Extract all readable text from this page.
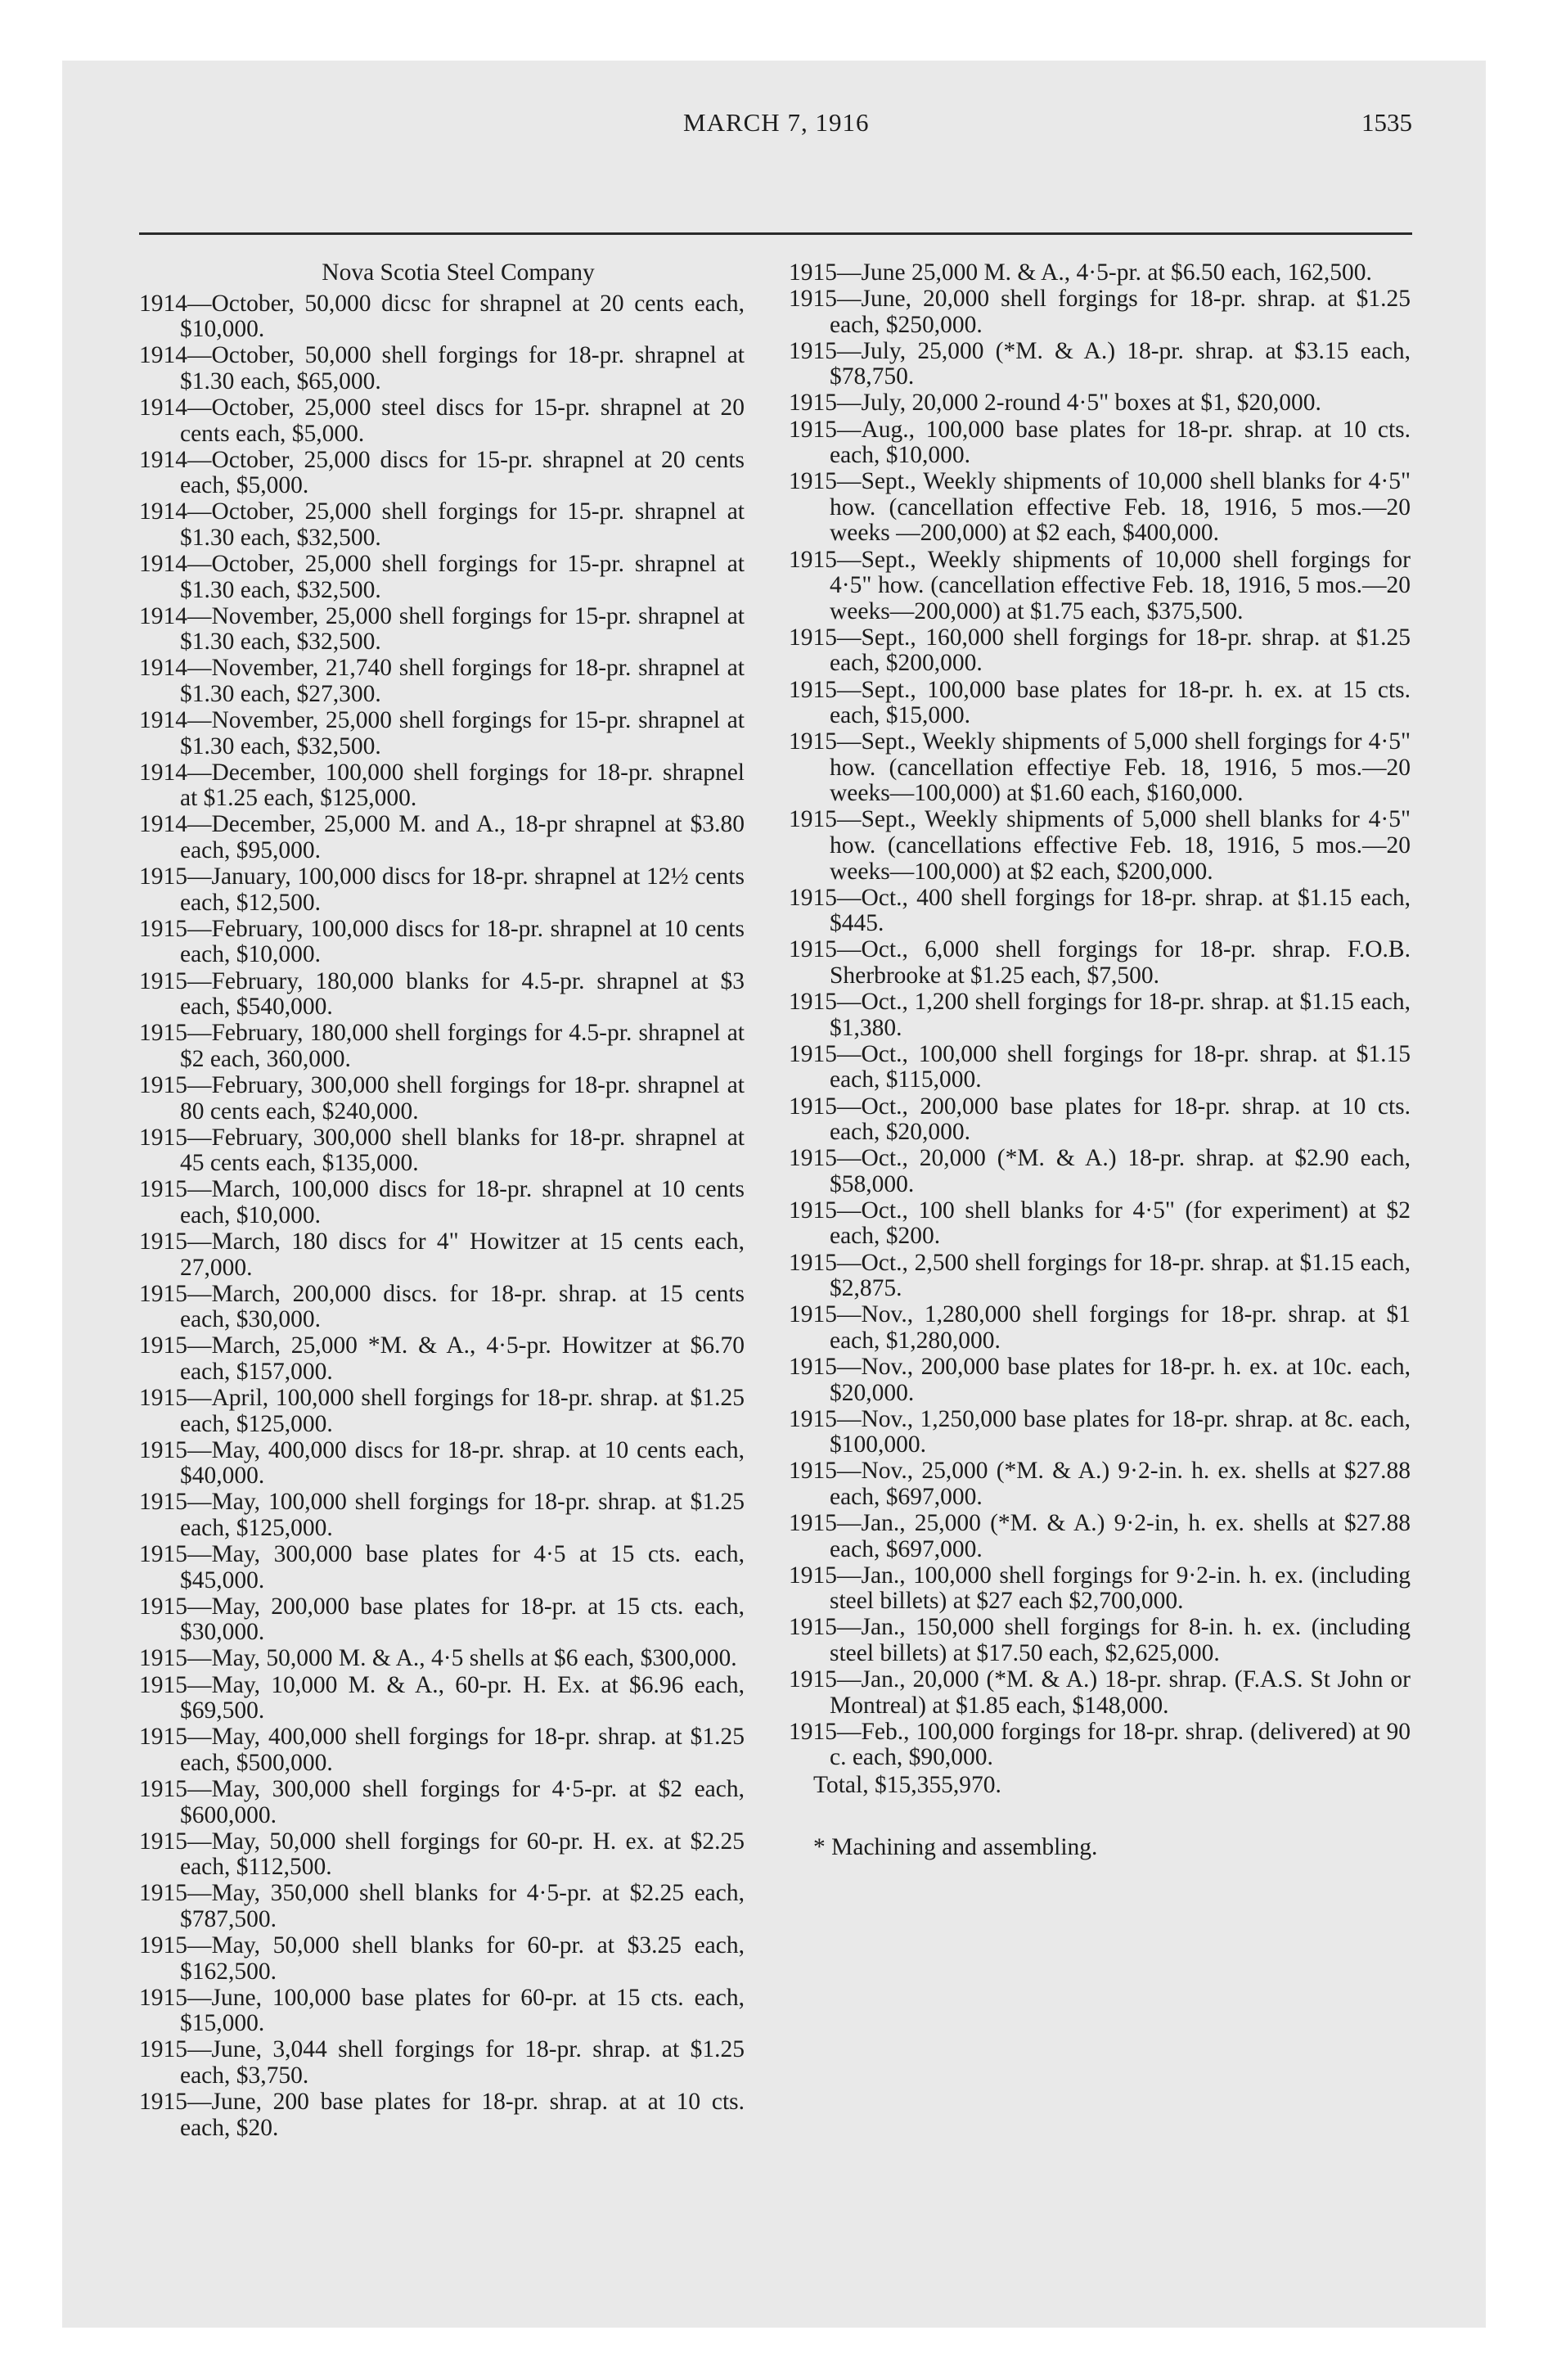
MARCH 7, 1916	1535
Nova Scotia Steel Company
1914—October, 50,000 dicsc for shrapnel at 20 cents each, $10,000.
1914—October, 50,000 shell forgings for 18-pr. shrapnel at $1.30 each, $65,000.
1914—October, 25,000 steel discs for 15-pr. shrapnel at 20 cents each, $5,000.
1914—October, 25,000 discs for 15-pr. shrapnel at 20 cents each, $5,000.
1914—October, 25,000 shell forgings for 15-pr. shrapnel at $1.30 each, $32,500.
1914—October, 25,000 shell forgings for 15-pr. shrapnel at $1.30 each, $32,500.
1914—November, 25,000 shell forgings for 15-pr. shrapnel at $1.30 each, $32,500.
1914—November, 21,740 shell forgings for 18-pr. shrapnel at $1.30 each, $27,300.
1914—November, 25,000 shell forgings for 15-pr. shrapnel at $1.30 each, $32,500.
1914—December, 100,000 shell forgings for 18-pr. shrapnel at $1.25 each, $125,000.
1914—December, 25,000 M. and A., 18-pr shrapnel at $3.80 each, $95,000.
1915—January, 100,000 discs for 18-pr. shrapnel at 12½ cents each, $12,500.
1915—February, 100,000 discs for 18-pr. shrapnel at 10 cents each, $10,000.
1915—February, 180,000 blanks for 4.5-pr. shrapnel at $3 each, $540,000.
1915—February, 180,000 shell forgings for 4.5-pr. shrapnel at $2 each, 360,000.
1915—February, 300,000 shell forgings for 18-pr. shrapnel at 80 cents each, $240,000.
1915—February, 300,000 shell blanks for 18-pr. shrapnel at 45 cents each, $135,000.
1915—March, 100,000 discs for 18-pr. shrapnel at 10 cents each, $10,000.
1915—March, 180 discs for 4" Howitzer at 15 cents each, 27,000.
1915—March, 200,000 discs. for 18-pr. shrap. at 15 cents each, $30,000.
1915—March, 25,000 *M. & A., 4·5-pr. Howitzer at $6.70 each, $157,000.
1915—April, 100,000 shell forgings for 18-pr. shrap. at $1.25 each, $125,000.
1915—May, 400,000 discs for 18-pr. shrap. at 10 cents each, $40,000.
1915—May, 100,000 shell forgings for 18-pr. shrap. at $1.25 each, $125,000.
1915—May, 300,000 base plates for 4·5 at 15 cts. each, $45,000.
1915—May, 200,000 base plates for 18-pr. at 15 cts. each, $30,000.
1915—May, 50,000 M. & A., 4·5 shells at $6 each, $300,000.
1915—May, 10,000 M. & A., 60-pr. H. Ex. at $6.96 each, $69,500.
1915—May, 400,000 shell forgings for 18-pr. shrap. at $1.25 each, $500,000.
1915—May, 300,000 shell forgings for 4·5-pr. at $2 each, $600,000.
1915—May, 50,000 shell forgings for 60-pr. H. ex. at $2.25 each, $112,500.
1915—May, 350,000 shell blanks for 4·5-pr. at $2.25 each, $787,500.
1915—May, 50,000 shell blanks for 60-pr. at $3.25 each, $162,500.
1915—June, 100,000 base plates for 60-pr. at 15 cts. each, $15,000.
1915—June, 3,044 shell forgings for 18-pr. shrap. at $1.25 each, $3,750.
1915—June, 200 base plates for 18-pr. shrap. at at 10 cts. each, $20.
1915—June 25,000 M. & A., 4·5-pr. at $6.50 each, 162,500.
1915—June, 20,000 shell forgings for 18-pr. shrap. at $1.25 each, $250,000.
1915—July, 25,000 (*M. & A.) 18-pr. shrap. at $3.15 each, $78,750.
1915—July, 20,000 2-round 4·5" boxes at $1, $20,000.
1915—Aug., 100,000 base plates for 18-pr. shrap. at 10 cts. each, $10,000.
1915—Sept., Weekly shipments of 10,000 shell blanks for 4·5" how. (cancellation effective Feb. 18, 1916, 5 mos.—20 weeks —200,000) at $2 each, $400,000.
1915—Sept., Weekly shipments of 10,000 shell forgings for 4·5" how. (cancellation effective Feb. 18, 1916, 5 mos.—20 weeks—200,000) at $1.75 each, $375,500.
1915—Sept., 160,000 shell forgings for 18-pr. shrap. at $1.25 each, $200,000.
1915—Sept., 100,000 base plates for 18-pr. h. ex. at 15 cts. each, $15,000.
1915—Sept., Weekly shipments of 5,000 shell forgings for 4·5" how. (cancellation effectiye Feb. 18, 1916, 5 mos.—20 weeks—100,000) at $1.60 each, $160,000.
1915—Sept., Weekly shipments of 5,000 shell blanks for 4·5" how. (cancellations effective Feb. 18, 1916, 5 mos.—20 weeks—100,000) at $2 each, $200,000.
1915—Oct., 400 shell forgings for 18-pr. shrap. at $1.15 each, $445.
1915—Oct., 6,000 shell forgings for 18-pr. shrap. F.O.B. Sherbrooke at $1.25 each, $7,500.
1915—Oct., 1,200 shell forgings for 18-pr. shrap. at $1.15 each, $1,380.
1915—Oct., 100,000 shell forgings for 18-pr. shrap. at $1.15 each, $115,000.
1915—Oct., 200,000 base plates for 18-pr. shrap. at 10 cts. each, $20,000.
1915—Oct., 20,000 (*M. & A.) 18-pr. shrap. at $2.90 each, $58,000.
1915—Oct., 100 shell blanks for 4·5" (for experiment) at $2 each, $200.
1915—Oct., 2,500 shell forgings for 18-pr. shrap. at $1.15 each, $2,875.
1915—Nov., 1,280,000 shell forgings for 18-pr. shrap. at $1 each, $1,280,000.
1915—Nov., 200,000 base plates for 18-pr. h. ex. at 10c. each, $20,000.
1915—Nov., 1,250,000 base plates for 18-pr. shrap. at 8c. each, $100,000.
1915—Nov., 25,000 (*M. & A.) 9·2-in. h. ex. shells at $27.88 each, $697,000.
1915—Jan., 25,000 (*M. & A.) 9·2-in, h. ex. shells at $27.88 each, $697,000.
1915—Jan., 100,000 shell forgings for 9·2-in. h. ex. (including steel billets) at $27 each $2,700,000.
1915—Jan., 150,000 shell forgings for 8-in. h. ex. (including steel billets) at $17.50 each, $2,625,000.
1915—Jan., 20,000 (*M. & A.) 18-pr. shrap. (F.A.S. St John or Montreal) at $1.85 each, $148,000.
1915—Feb., 100,000 forgings for 18-pr. shrap. (delivered) at 90 c. each, $90,000.
Total, $15,355,970.
* Machining and assembling.
